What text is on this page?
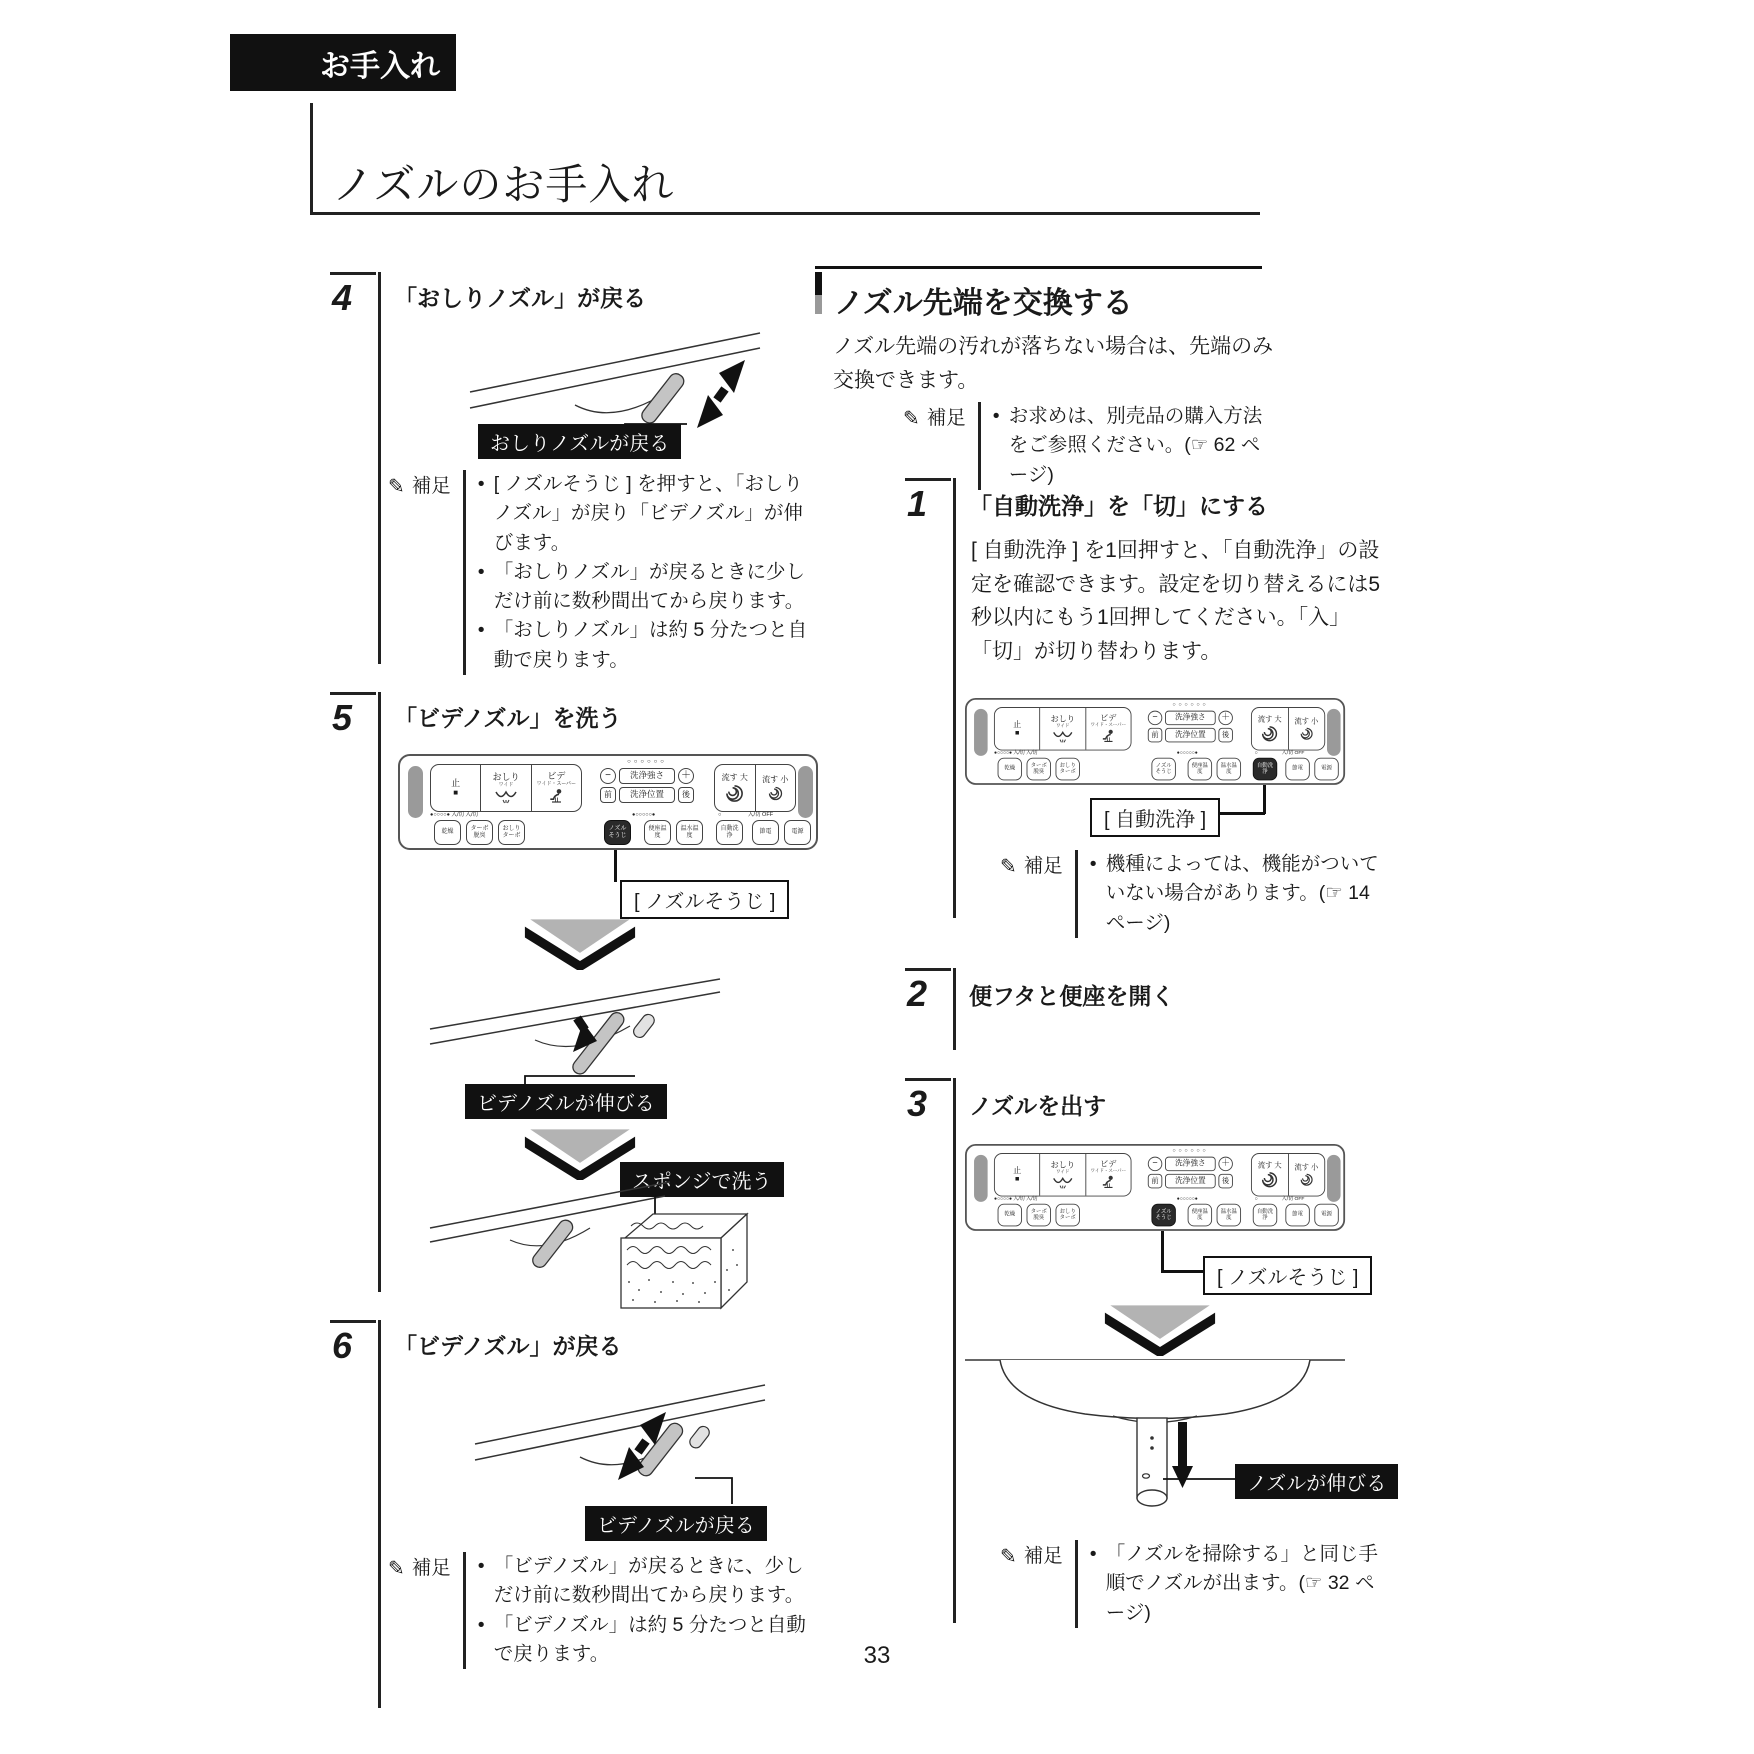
お手入れ
ノズルのお手入れ
4	「おしりノズル」が戻る
おしりノズルが戻る
✎ 補足 • [ ノズルそうじ ] を押すと、「おしりノズル」が戻り「ビデノズル」が伸びます。
• 「おしりノズル」が戻るときに少しだけ前に数秒間出てから戻ります。
• 「おしりノズル」は約 5 分たつと自動で戻ります。
5	「ビデノズル」を洗う
止
■
おしり
ワイド
ビデ
ワイド・スーパー
○○○○○○
−	洗浄強さ	＋
前	洗浄位置	後
流す 大 流す 小
●○○○○● 入/切 入/切	●○○○○○●	○	入/切 OFF
乾燥
ターボ脱臭
おしりターボ
ノズルそうじ
便座温度
温水温度
自動洗浄
節電	電源
[ ノズルそうじ ]
ビデノズルが伸びる
スポンジで洗う
6	「ビデノズル」が戻る
ビデノズルが戻る
✎ 補足 • 「ビデノズル」が戻るときに、少しだけ前に数秒間出てから戻ります。
• 「ビデノズル」は約 5 分たつと自動で戻ります。
ノズル先端を交換する
ノズル先端の汚れが落ちない場合は、先端のみ交換できます。
✎ 補足 • お求めは、別売品の購入方法をご参照ください。(☞ 62 ページ)
1	「自動洗浄」を「切」にする
[ 自動洗浄 ] を1回押すと、「自動洗浄」の設定を確認できます。設定を切り替えるには5秒以内にもう1回押してください。「入」「切」が切り替わります。
止
■
おしり
ワイド
ビデ
ワイド・スーパー
○○○○○○
−	洗浄強さ	＋
前	洗浄位置	後
流す 大 流す 小
●○○○○● 入/切 入/切	●○○○○○●	○	入/切 OFF
乾燥
ターボ脱臭
おしりターボ
ノズルそうじ
便座温度
温水温度
自動洗浄
節電	電源
[ 自動洗浄 ]
✎ 補足 • 機種によっては、機能がついていない場合があります。(☞ 14 ページ)
2	便フタと便座を開く
3	ノズルを出す
止
■
おしり
ワイド
ビデ
ワイド・スーパー
○○○○○○
−	洗浄強さ	＋
前	洗浄位置	後
流す 大 流す 小
●○○○○● 入/切 入/切	●○○○○○●	○	入/切 OFF
乾燥
ターボ脱臭
おしりターボ
ノズルそうじ
便座温度
温水温度
自動洗浄
節電	電源
[ ノズルそうじ ]
ノズルが伸びる
✎ 補足 • 「ノズルを掃除する」と同じ手順でノズルが出ます。(☞ 32 ページ)
33
